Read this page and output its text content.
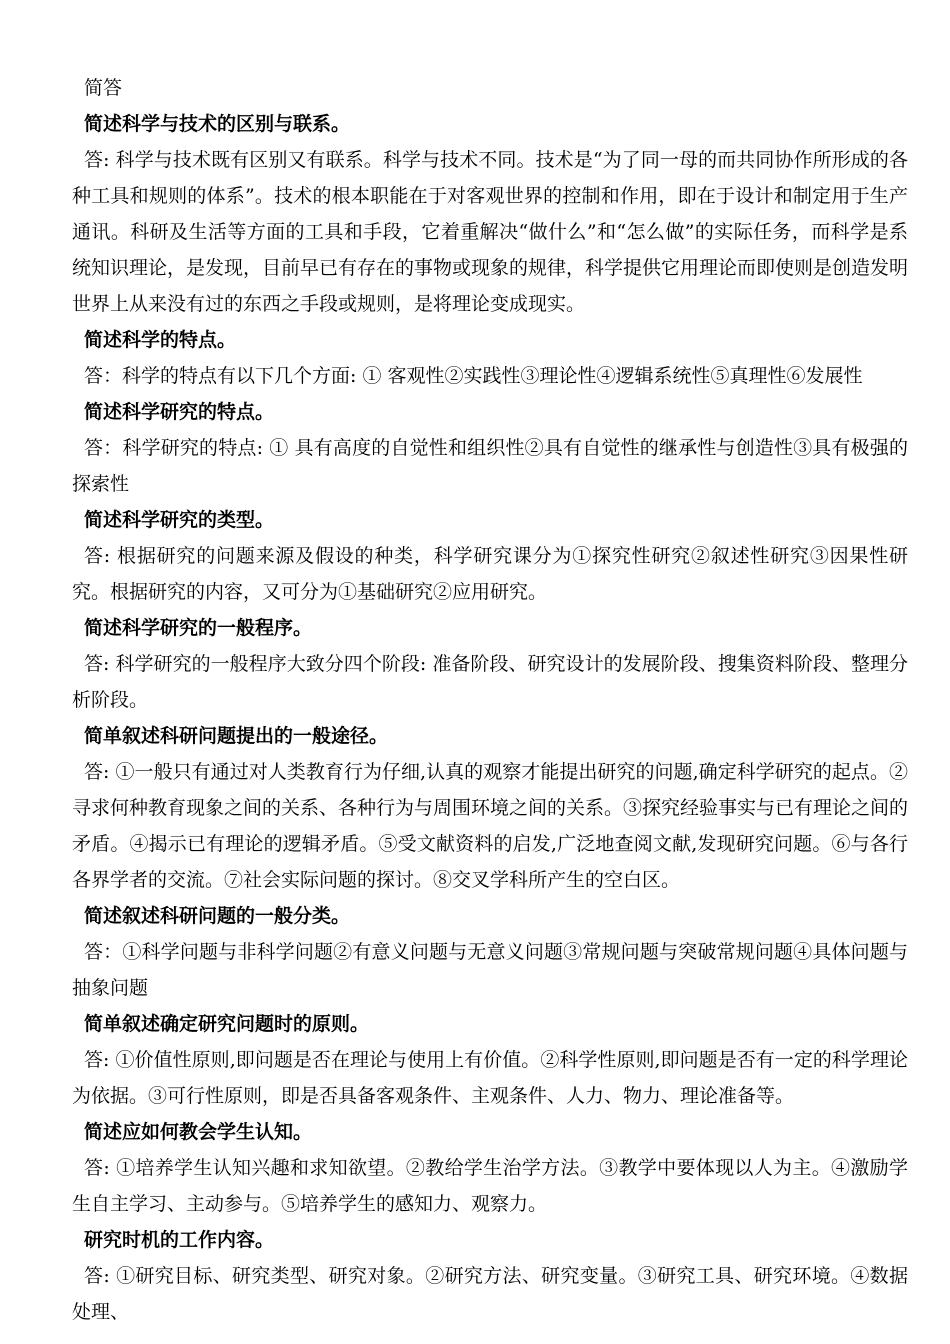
简答

简述科学与技术的区别与联系。

答: 科学与技术既有区别又有联系。科学与技术不同。技术是“为了同一母的而共同协作所形成的各种工具和规则的体系”。技术的根本职能在于对客观世界的控制和作用，即在于设计和制定用于生产通讯。科研及生活等方面的工具和手段，它着重解决“做什么”和“怎么做”的实际任务，而科学是系统知识理论，是发现，目前早已有存在的事物或现象的规律，科学提供它用理论而即使则是创造发明世界上从来没有过的东西之手段或规则，是将理论变成现实。

简述科学的特点。

答：科学的特点有以下几个方面: ① 客观性②实践性③理论性④逻辑系统性⑤真理性⑥发展性

简述科学研究的特点。

答：科学研究的特点: ① 具有高度的自觉性和组织性②具有自觉性的继承性与创造性③具有极强的探索性

简述科学研究的类型。

答: 根据研究的问题来源及假设的种类，科学研究课分为①探究性研究②叙述性研究③因果性研究。根据研究的内容，又可分为①基础研究②应用研究。

简述科学研究的一般程序。

答: 科学研究的一般程序大致分四个阶段: 准备阶段、研究设计的发展阶段、搜集资料阶段、整理分析阶段。

简单叙述科研问题提出的一般途径。

答: ①一般只有通过对人类教育行为仔细,认真的观察才能提出研究的问题,确定科学研究的起点。②寻求何种教育现象之间的关系、各种行为与周围环境之间的关系。③探究经验事实与已有理论之间的矛盾。④揭示已有理论的逻辑矛盾。⑤受文献资料的启发,广泛地查阅文献,发现研究问题。⑥与各行各界学者的交流。⑦社会实际问题的探讨。⑧交叉学科所产生的空白区。

简述叙述科研问题的一般分类。

答：①科学问题与非科学问题②有意义问题与无意义问题③常规问题与突破常规问题④具体问题与抽象问题

简单叙述确定研究问题时的原则。

答: ①价值性原则,即问题是否在理论与使用上有价值。②科学性原则,即问题是否有一定的科学理论为依据。③可行性原则，即是否具备客观条件、主观条件、人力、物力、理论准备等。

简述应如何教会学生认知。

答: ①培养学生认知兴趣和求知欲望。②教给学生治学方法。③教学中要体现以人为主。④激励学生自主学习、主动参与。⑤培养学生的感知力、观察力。

研究时机的工作内容。

答: ①研究目标、研究类型、研究对象。②研究方法、研究变量。③研究工具、研究环境。④数据处理、
